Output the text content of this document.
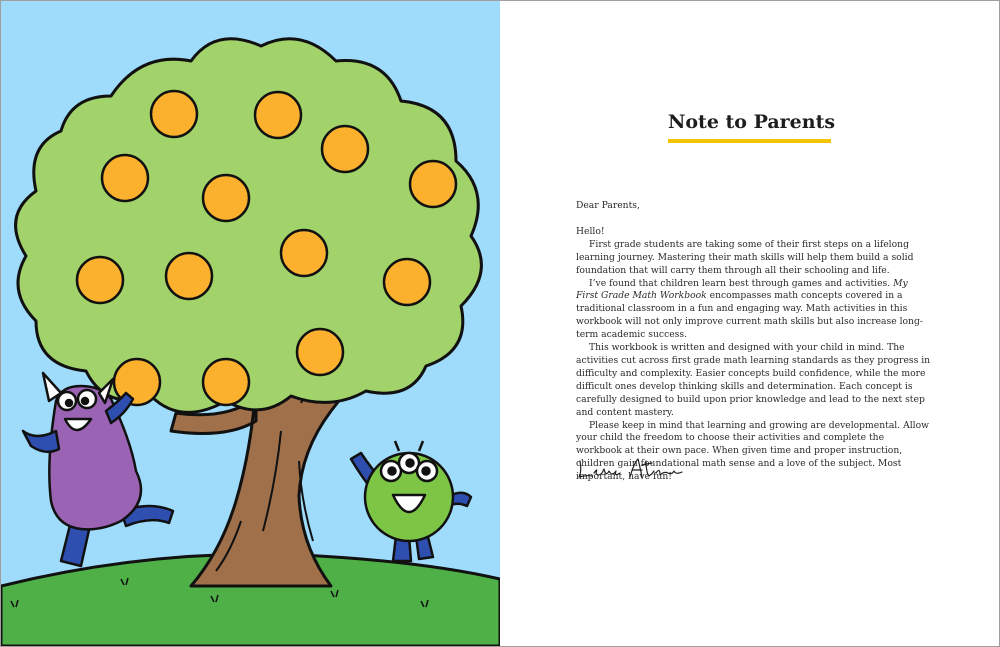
Note to Parents

Dear Parents,

Hello!

First grade students are taking some of their first steps on a lifelong learning journey. Mastering their math skills will help them build a solid foundation that will carry them through all their schooling and life.

I’ve found that children learn best through games and activities. My First Grade Math Workbook encompasses math concepts covered in a traditional classroom in a fun and engaging way. Math activities in this workbook will not only improve current math skills but also increase long-term academic success.

This workbook is written and designed with your child in mind. The activities cut across first grade math learning standards as they progress in difficulty and complexity. Easier concepts build confidence, while the more difficult ones develop thinking skills and determination. Each concept is carefully designed to build upon prior knowledge and lead to the next step and content mastery.

Please keep in mind that learning and growing are developmental. Allow your child the freedom to choose their activities and complete the workbook at their own pace. When given time and proper instruction, children gain foundational math sense and a love of the subject. Most important, have fun!
